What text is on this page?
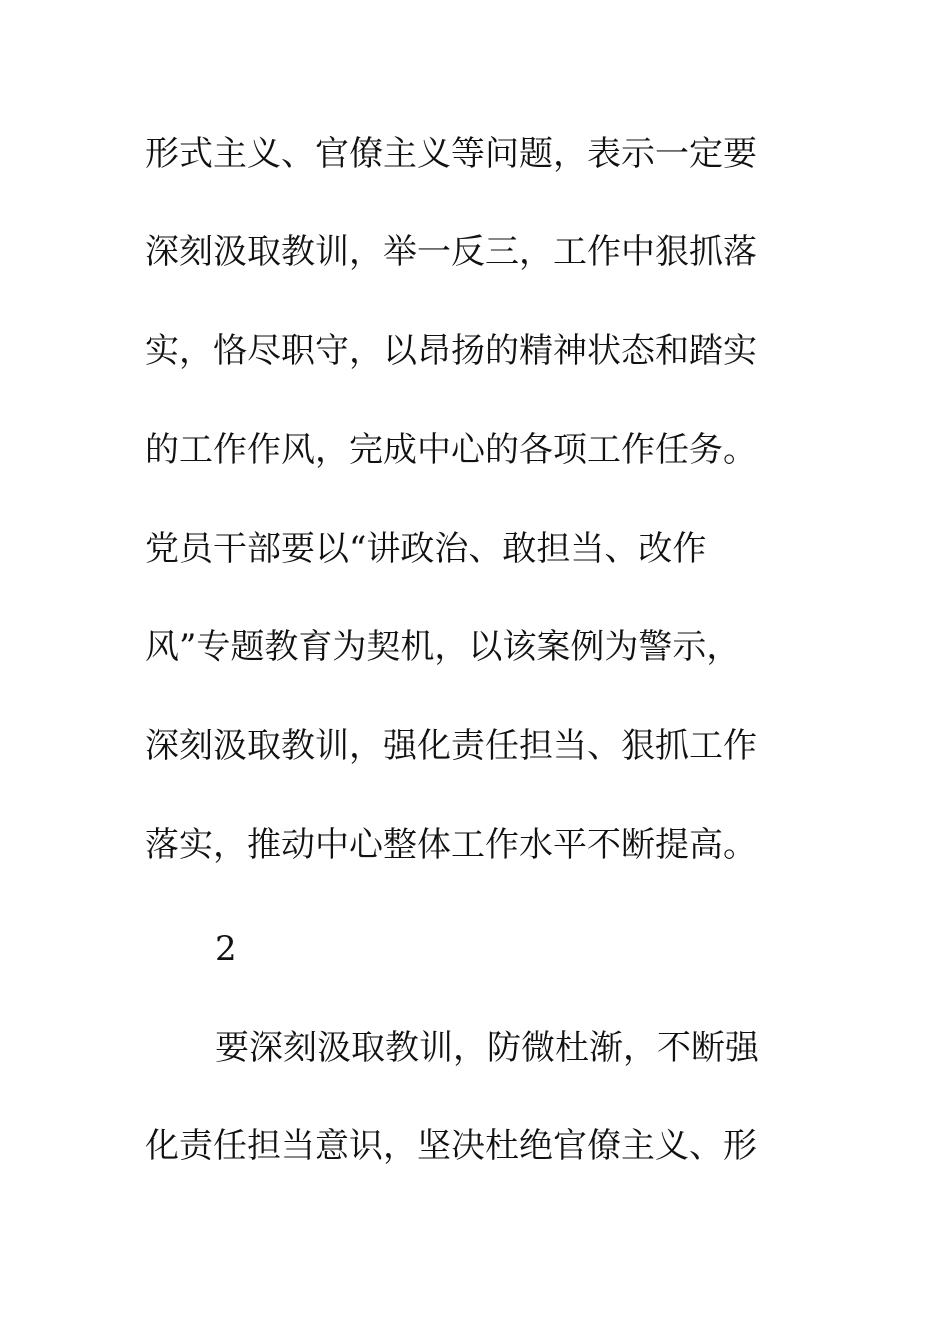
形式主义、官僚主义等问题，表示一定要
深刻汲取教训，举一反三，工作中狠抓落
实，恪尽职守，以昂扬的精神状态和踏实
的工作作风，完成中心的各项工作任务。
党员干部要以“讲政治、敢担当、改作
风”专题教育为契机，以该案例为警示，
深刻汲取教训，强化责任担当、狠抓工作
落实，推动中心整体工作水平不断提高。
2
要深刻汲取教训，防微杜渐，不断强
化责任担当意识，坚决杜绝官僚主义、形
